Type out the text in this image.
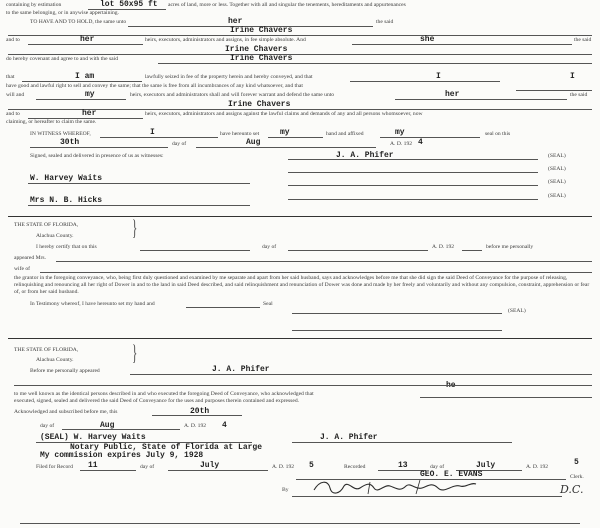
containing by estimation	lot 50x95 ft acres of land, more or less. Together with all and singular the tenements, hereditaments and appurtenances
to the same belonging, or in anywise appertaining.
TO HAVE AND TO HOLD, the same unto	her	the said
Irine Chavers
and to	her	heirs, executors, administrators and assigns, in fee simple absolute. And	she	the said
Irine Chavers
do hereby covenant and agree to and with the said	Irine Chavers
that	I am	lawfully seized in fee of the property herein and hereby conveyed, and that	I	I
have good and lawful right to sell and convey the same; that the same is free from all incumbrances of any kind whatsoever, and that
will and	my	heirs, executors and administrators shall and will forever warrant and defend the same unto	her	the said
Irine Chavers
and to	her	heirs, executors, administrators and assigns against the lawful claims and demands of any and all persons whomsoever, now
claiming, or hereafter to claim the same.
IN WITNESS WHEREOF,	I	have hereunto set	my	hand and affixed	my	seal on this
30th	day of	Aug	A. D. 192 4
Signed, sealed and delivered in presence of us as witnesses:	J. A. Phifer	(SEAL)
(SEAL)
(SEAL)
(SEAL)
W. Harvey Waits
Mrs N. B. Hicks
THE STATE OF FLORIDA, }
Alachua County.
I hereby certify that on this	day of	A. D. 192	before me personally
appeared Mrs.
wife of
the grantor in the foregoing conveyance, who, being first duly questioned and examined by me separate and apart from her said husband, says and acknowledges before me that she did sign the said Deed of Conveyance for the purpose of releasing, relinquishing and renouncing all her right of Dower in and to the land in said Deed described, and said relinquishment and renunciation of Dower was done and made by her freely and voluntarily and without any compulsion, constraint, apprehension or fear of, or from her said husband.
In Testimony whereof, I have hereunto set my hand and	Seal
(SEAL)
THE STATE OF FLORIDA, }
Alachua County.
Before me personally appeared	J. A. Phifer
he
to me well known as the identical persons described in and who executed the foregoing Deed of Conveyance, who acknowledged that
executed, signed, sealed and delivered the said Deed of Conveyance for the uses and purposes therein contained and expressed.
Acknowledged and subscribed before me, this	20th
day of	Aug	A. D. 192 4
(SEAL) W. Harvey Waits	J. A. Phifer
Notary Public, State of Florida at Large
My commission expires July 9, 1928
Filed for Record 11	day of	July	A. D. 192 5	Recorded	13	day of	July	A. D. 192	5
GEO. E. EVANS	Clerk.
By	D.C.
